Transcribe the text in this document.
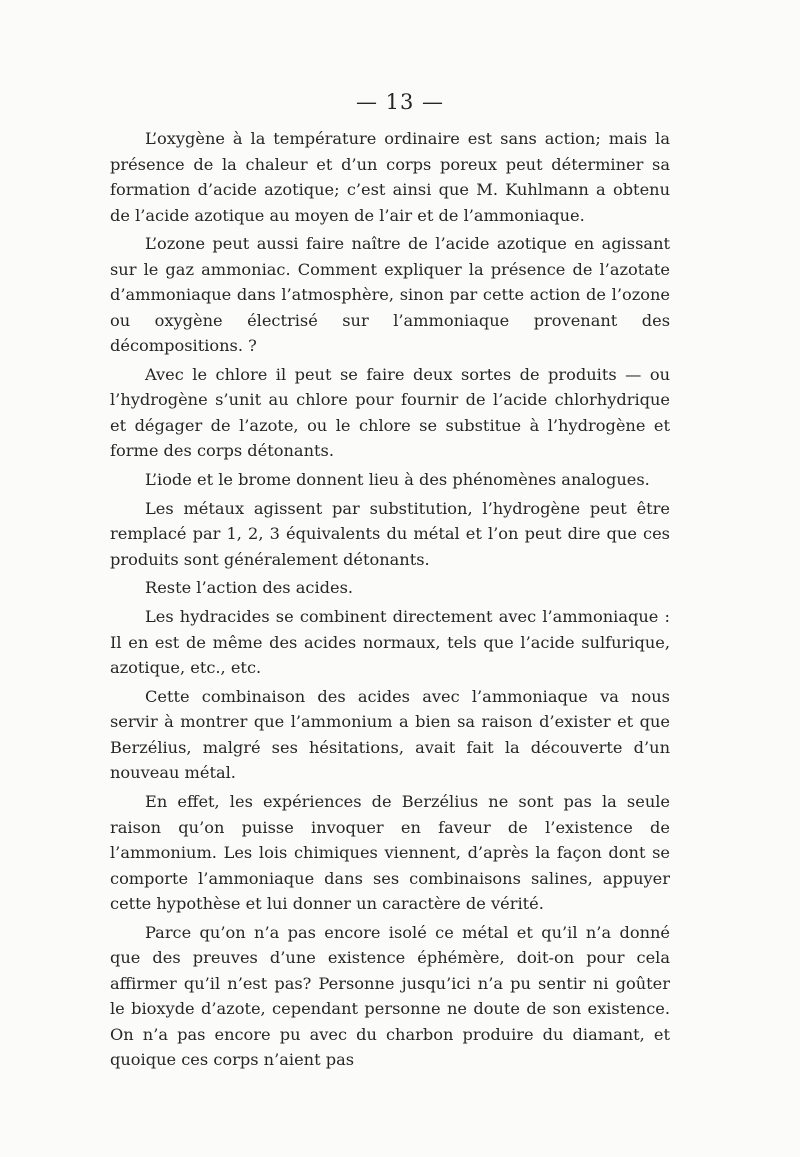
— 13 —

L’oxygène à la température ordinaire est sans action; mais la présence de la chaleur et d’un corps poreux peut déterminer sa formation d’acide azotique; c’est ainsi que M. Kuhlmann a obtenu de l’acide azotique au moyen de l’air et de l’ammoniaque.

L’ozone peut aussi faire naître de l’acide azotique en agissant sur le gaz ammoniac. Comment expliquer la présence de l’azotate d’ammoniaque dans l’atmosphère, sinon par cette action de l’ozone ou oxygène électrisé sur l’ammoniaque provenant des décompositions. ?

Avec le chlore il peut se faire deux sortes de produits — ou l’hydrogène s’unit au chlore pour fournir de l’acide chlorhydrique et dégager de l’azote, ou le chlore se substitue à l’hydrogène et forme des corps détonants.

L’iode et le brome donnent lieu à des phénomènes analogues.

Les métaux agissent par substitution, l’hydrogène peut être remplacé par 1, 2, 3 équivalents du métal et l’on peut dire que ces produits sont généralement détonants.

Reste l’action des acides.

Les hydracides se combinent directement avec l’ammoniaque : Il en est de même des acides normaux, tels que l’acide sulfurique, azotique, etc., etc.

Cette combinaison des acides avec l’ammoniaque va nous servir à montrer que l’ammonium a bien sa raison d’exister et que Berzélius, malgré ses hésitations, avait fait la découverte d’un nouveau métal.

En effet, les expériences de Berzélius ne sont pas la seule raison qu’on puisse invoquer en faveur de l’existence de l’ammonium. Les lois chimiques viennent, d’après la façon dont se comporte l’ammoniaque dans ses combinaisons salines, appuyer cette hypothèse et lui donner un caractère de vérité.

Parce qu’on n’a pas encore isolé ce métal et qu’il n’a donné que des preuves d’une existence éphémère, doit-on pour cela affirmer qu’il n’est pas? Personne jusqu’ici n’a pu sentir ni goûter le bioxyde d’azote, cependant personne ne doute de son existence. On n’a pas encore pu avec du charbon produire du diamant, et quoique ces corps n’aient pas
